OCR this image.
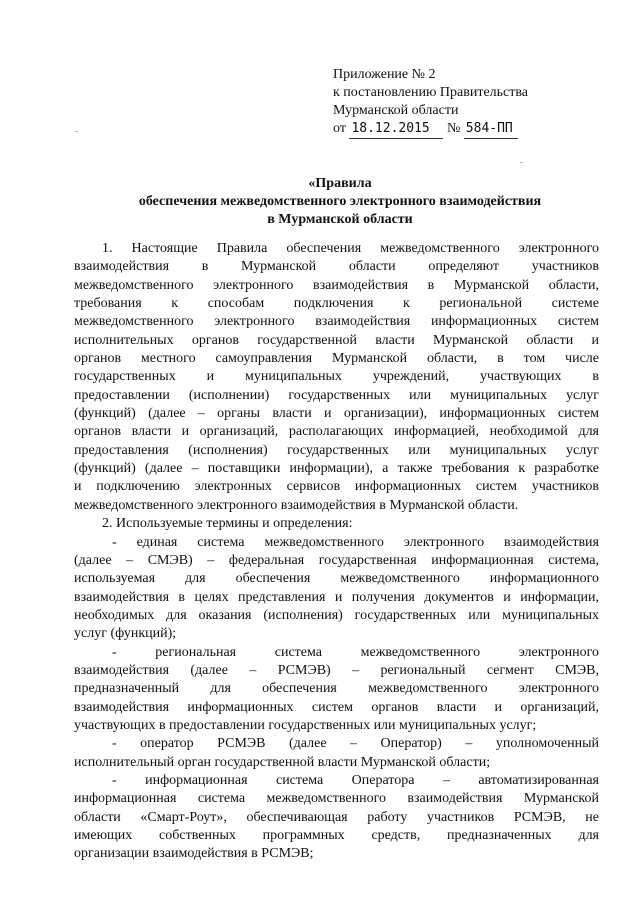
Приложение № 2
к постановлению Правительства
Мурманской области
от 18.12.2015 № 584-ПП
«Правила
обеспечения межведомственного электронного взаимодействия
в Мурманской области
1. Настоящие Правила обеспечения межведомственного электронного
взаимодействия в Мурманской области определяют участников
межведомственного электронного взаимодействия в Мурманской области,
требования к способам подключения к региональной системе
межведомственного электронного взаимодействия информационных систем
исполнительных органов государственной власти Мурманской области и
органов местного самоуправления Мурманской области, в том числе
государственных и муниципальных учреждений, участвующих в
предоставлении (исполнении) государственных или муниципальных услуг
(функций) (далее – органы власти и организации), информационных систем
органов власти и организаций, располагающих информацией, необходимой для
предоставления (исполнения) государственных или муниципальных услуг
(функций) (далее – поставщики информации), а также требования к разработке
и подключению электронных сервисов информационных систем участников
межведомственного электронного взаимодействия в Мурманской области.
2. Используемые термины и определения:
- единая система межведомственного электронного взаимодействия
(далее – СМЭВ) – федеральная государственная информационная система,
используемая для обеспечения межведомственного информационного
взаимодействия в целях представления и получения документов и информации,
необходимых для оказания (исполнения) государственных или муниципальных
услуг (функций);
- региональная система межведомственного электронного
взаимодействия (далее – РСМЭВ) – региональный сегмент СМЭВ,
предназначенный для обеспечения межведомственного электронного
взаимодействия информационных систем органов власти и организаций,
участвующих в предоставлении государственных или муниципальных услуг;
- оператор РСМЭВ (далее – Оператор) – уполномоченный
исполнительный орган государственной власти Мурманской области;
- информационная система Оператора – автоматизированная
информационная система межведомственного взаимодействия Мурманской
области «Смарт-Роут», обеспечивающая работу участников РСМЭВ, не
имеющих собственных программных средств, предназначенных для
организации взаимодействия в РСМЭВ;
